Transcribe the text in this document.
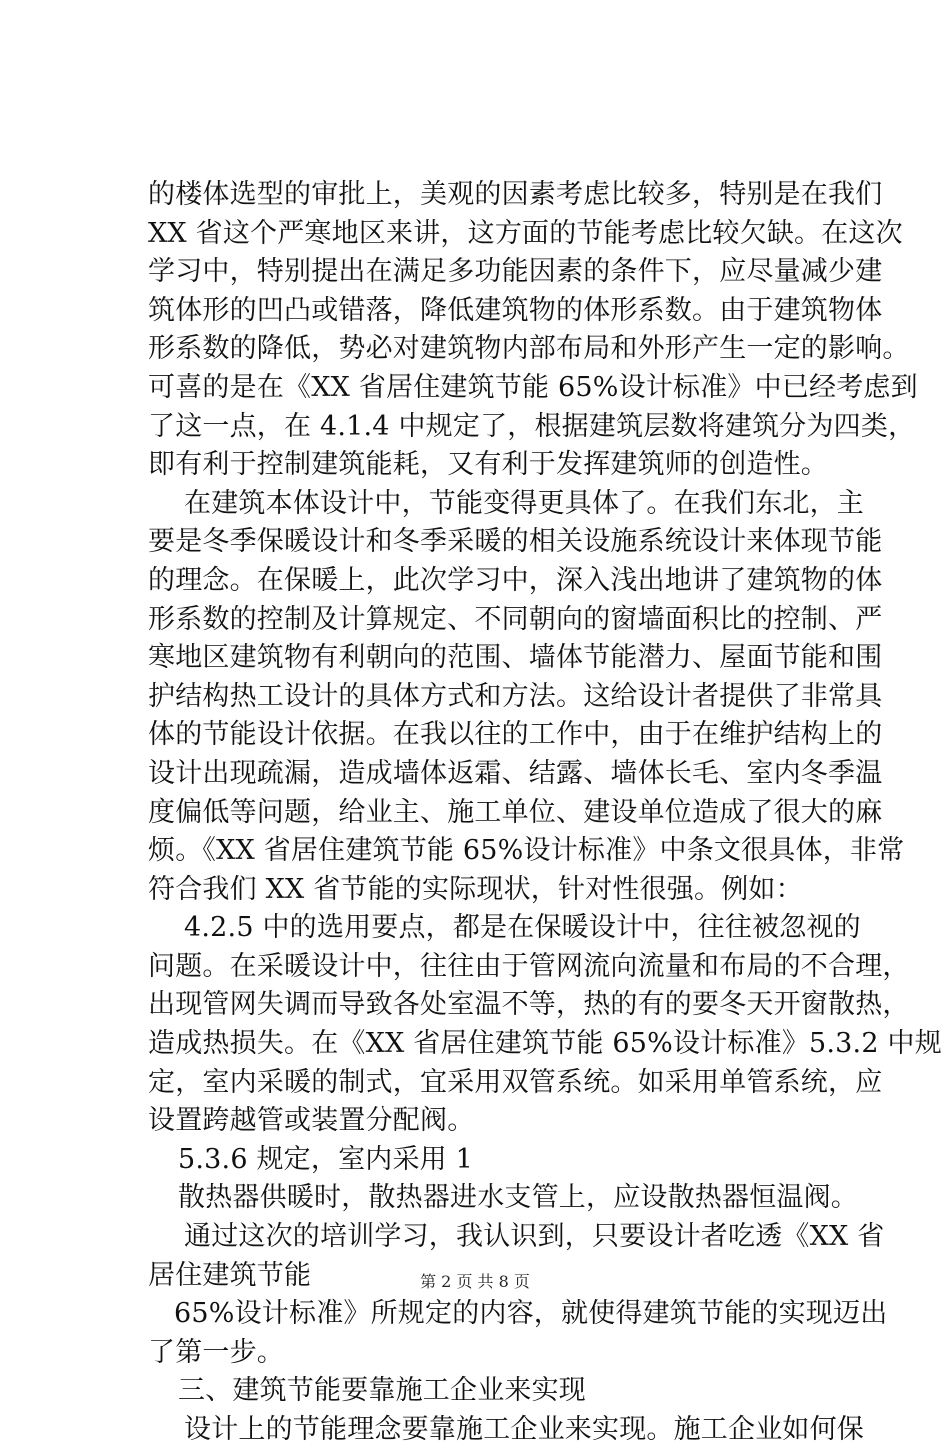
的楼体选型的审批上，美观的因素考虑比较多，特别是在我们
XX 省这个严寒地区来讲，这方面的节能考虑比较欠缺。在这次
学习中，特别提出在满足多功能因素的条件下，应尽量减少建
筑体形的凹凸或错落，降低建筑物的体形系数。由于建筑物体
形系数的降低，势必对建筑物内部布局和外形产生一定的影响。
可喜的是在《XX 省居住建筑节能 65%设计标准》中已经考虑到
了这一点，在 4.1.4 中规定了，根据建筑层数将建筑分为四类，
即有利于控制建筑能耗，又有利于发挥建筑师的创造性。
在建筑本体设计中，节能变得更具体了。在我们东北，主
要是冬季保暖设计和冬季采暖的相关设施系统设计来体现节能
的理念。在保暖上，此次学习中，深入浅出地讲了建筑物的体
形系数的控制及计算规定、不同朝向的窗墙面积比的控制、严
寒地区建筑物有利朝向的范围、墙体节能潜力、屋面节能和围
护结构热工设计的具体方式和方法。这给设计者提供了非常具
体的节能设计依据。在我以往的工作中，由于在维护结构上的
设计出现疏漏，造成墙体返霜、结露、墙体长毛、室内冬季温
度偏低等问题，给业主、施工单位、建设单位造成了很大的麻
烦。《XX 省居住建筑节能 65%设计标准》中条文很具体，非常
符合我们 XX 省节能的实际现状，针对性很强。例如：
4.2.5 中的选用要点，都是在保暖设计中，往往被忽视的
问题。在采暖设计中，往往由于管网流向流量和布局的不合理，
出现管网失调而导致各处室温不等，热的有的要冬天开窗散热，
造成热损失。在《XX 省居住建筑节能 65%设计标准》5.3.2 中规
定，室内采暖的制式，宜采用双管系统。如采用单管系统，应
设置跨越管或装置分配阀。
5.3.6 规定，室内采用 1
散热器供暖时，散热器进水支管上，应设散热器恒温阀。
通过这次的培训学习，我认识到，只要设计者吃透《XX 省
居住建筑节能
65%设计标准》所规定的内容，就使得建筑节能的实现迈出
了第一步。
三、建筑节能要靠施工企业来实现
设计上的节能理念要靠施工企业来实现。施工企业如何保
第 2 页 共 8 页
